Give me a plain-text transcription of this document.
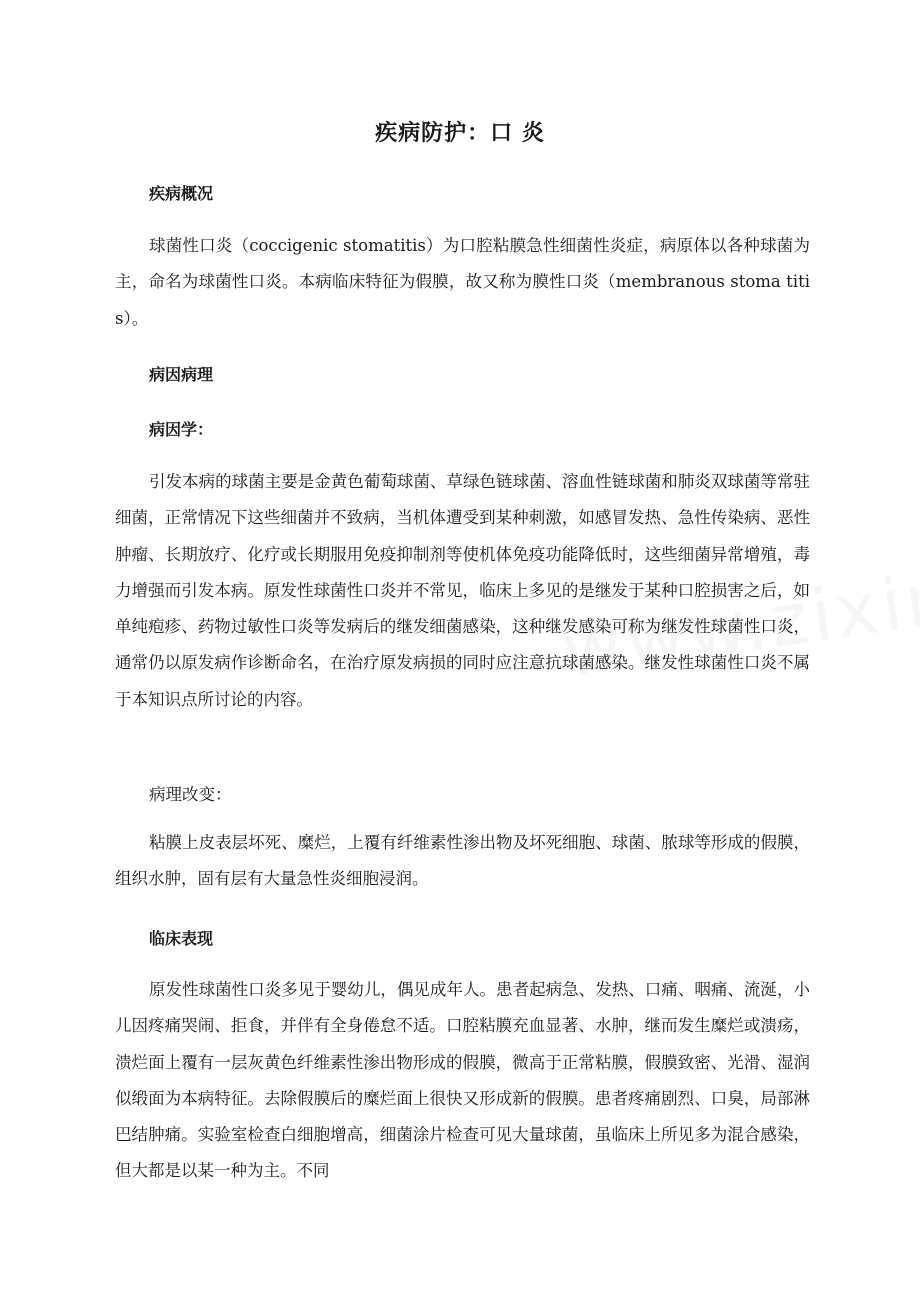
疾病防护：口 炎
疾病概况
球菌性口炎（coccigenic stomatitis）为口腔粘膜急性细菌性炎症，病原体以各种球菌为主，命名为球菌性口炎。本病临床特征为假膜，故又称为膜性口炎（membranous stoma titis）。
病因病理
病因学：
引发本病的球菌主要是金黄色葡萄球菌、草绿色链球菌、溶血性链球菌和肺炎双球菌等常驻细菌，正常情况下这些细菌并不致病，当机体遭受到某种刺激，如感冒发热、急性传染病、恶性肿瘤、长期放疗、化疗或长期服用免疫抑制剂等使机体免疫功能降低时，这些细菌异常增殖，毒力增强而引发本病。原发性球菌性口炎并不常见，临床上多见的是继发于某种口腔损害之后，如单纯疱疹、药物过敏性口炎等发病后的继发细菌感染，这种继发感染可称为继发性球菌性口炎，通常仍以原发病作诊断命名，在治疗原发病损的同时应注意抗球菌感染。继发性球菌性口炎不属于本知识点所讨论的内容。
病理改变：
粘膜上皮表层坏死、糜烂，上覆有纤维素性渗出物及坏死细胞、球菌、脓球等形成的假膜，组织水肿，固有层有大量急性炎细胞浸润。
临床表现
原发性球菌性口炎多见于婴幼儿，偶见成年人。患者起病急、发热、口痛、咽痛、流涎，小儿因疼痛哭闹、拒食，并伴有全身倦怠不适。口腔粘膜充血显著、水肿，继而发生糜烂或溃疡，溃烂面上覆有一层灰黄色纤维素性渗出物形成的假膜，微高于正常粘膜，假膜致密、光滑、湿润似缎面为本病特征。去除假膜后的糜烂面上很快又形成新的假膜。患者疼痛剧烈、口臭，局部淋巴结肿痛。实验室检查白细胞增高，细菌涂片检查可见大量球菌，虽临床上所见多为混合感染，但大都是以某一种为主。不同
